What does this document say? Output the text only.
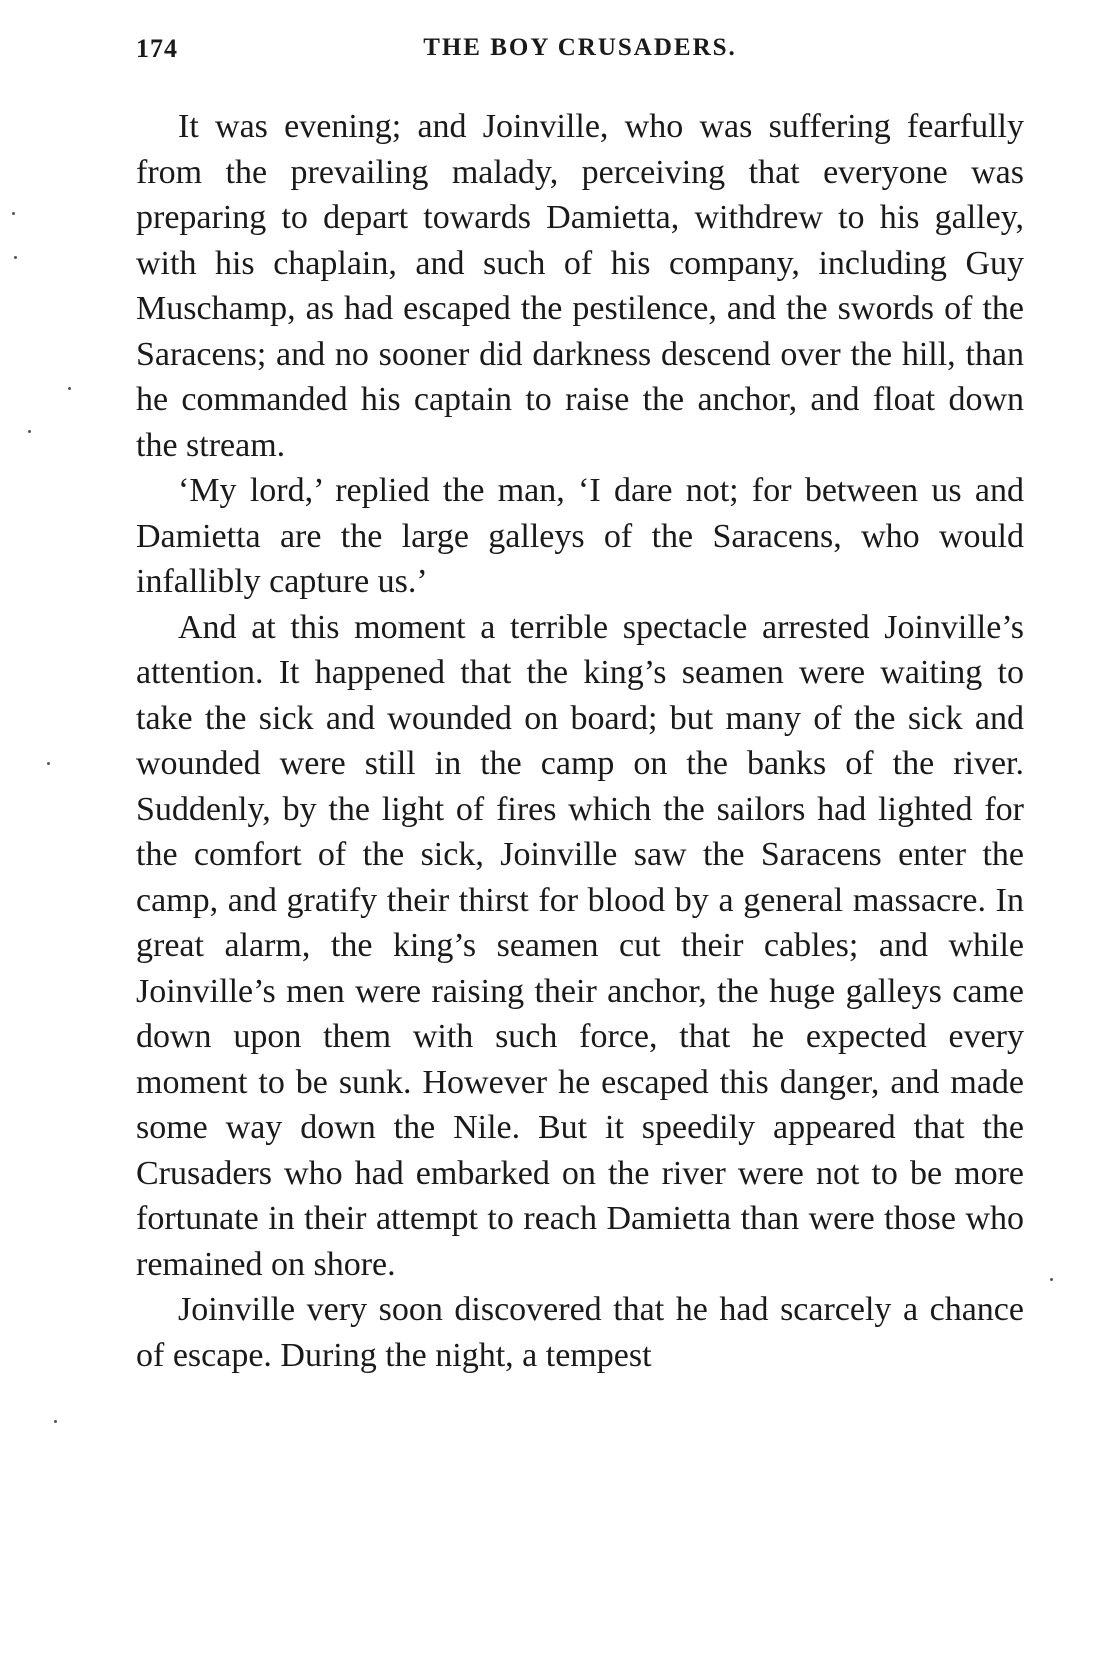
174	THE BOY CRUSADERS.

It was evening; and Joinville, who was suffering fearfully from the prevailing malady, perceiving that everyone was preparing to depart towards Damietta, withdrew to his galley, with his chaplain, and such of his company, including Guy Muschamp, as had escaped the pestilence, and the swords of the Saracens; and no sooner did darkness descend over the hill, than he commanded his captain to raise the anchor, and float down the stream.

‘My lord,’ replied the man, ‘I dare not; for between us and Damietta are the large galleys of the Saracens, who would infallibly capture us.’

And at this moment a terrible spectacle arrested Joinville’s attention. It happened that the king’s seamen were waiting to take the sick and wounded on board; but many of the sick and wounded were still in the camp on the banks of the river. Suddenly, by the light of fires which the sailors had lighted for the comfort of the sick, Joinville saw the Saracens enter the camp, and gratify their thirst for blood by a general massacre. In great alarm, the king’s seamen cut their cables; and while Joinville’s men were raising their anchor, the huge galleys came down upon them with such force, that he expected every moment to be sunk. However he escaped this danger, and made some way down the Nile. But it speedily appeared that the Crusaders who had embarked on the river were not to be more fortunate in their attempt to reach Damietta than were those who remained on shore.

Joinville very soon discovered that he had scarcely a chance of escape. During the night, a tempest
